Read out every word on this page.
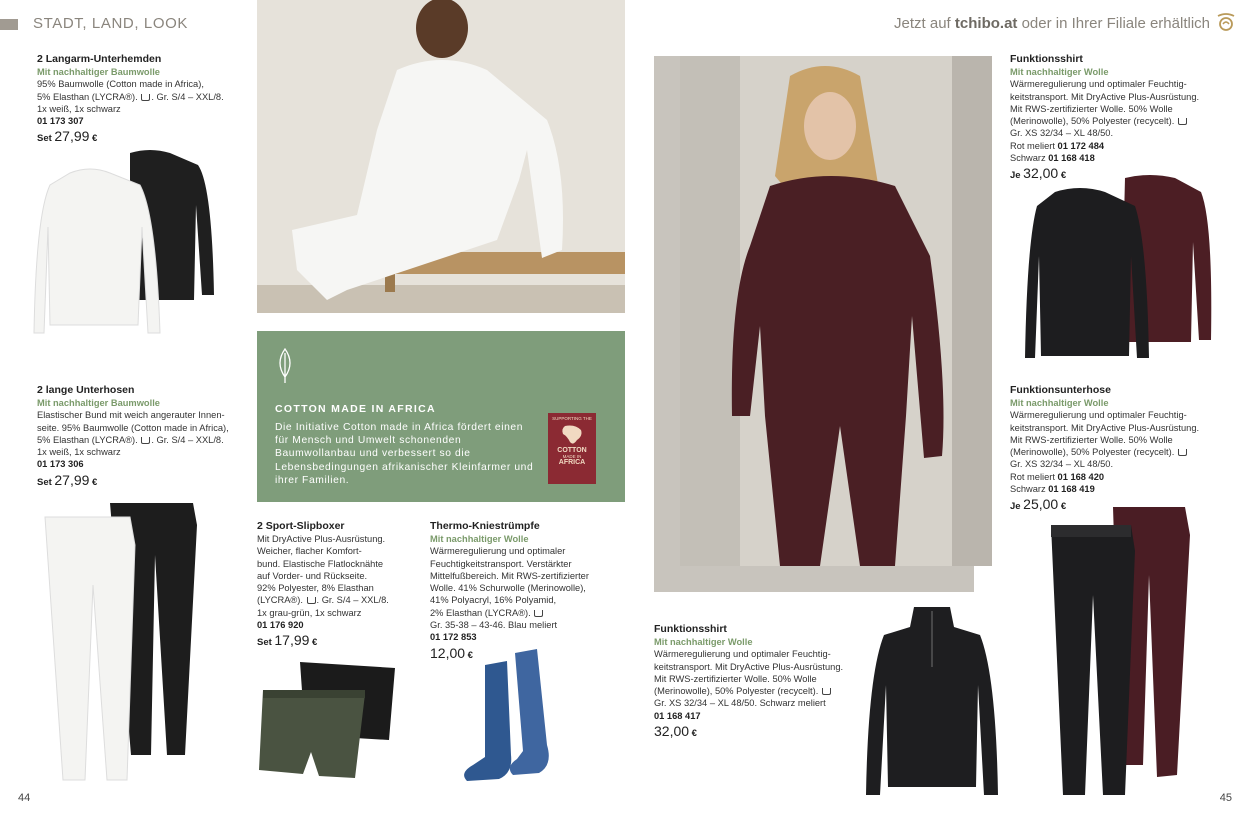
STADT, LAND, LOOK	Jetzt auf tchibo.at oder in Ihrer Filiale erhältlich
2 Langarm-Unterhemden
Mit nachhaltiger Baumwolle
95% Baumwolle (Cotton made in Africa),
5% Elasthan (LYCRA®). . Gr. S/4 – XXL/8.
1x weiß, 1x schwarz
01 173 307
Set 27,99 €
2 lange Unterhosen
Mit nachhaltiger Baumwolle
Elastischer Bund mit weich angerauter Innen-
seite. 95% Baumwolle (Cotton made in Africa),
5% Elasthan (LYCRA®). . Gr. S/4 – XXL/8.
1x weiß, 1x schwarz
01 173 306
Set 27,99 €
COTTON MADE IN AFRICA
Die Initiative Cotton made in Africa fördert einen für Mensch und Umwelt schonenden Baumwollanbau und verbessert so die Lebensbedingungen afrikanischer Kleinfarmer und ihrer Familien.
SUPPORTING THE
COTTON
MADE IN
AFRICA
2 Sport-Slipboxer
Mit DryActive Plus-Ausrüstung.
Weicher, flacher Komfort-
bund. Elastische Flatlocknähte
auf Vorder- und Rückseite.
92% Polyester, 8% Elasthan
(LYCRA®). . Gr. S/4 – XXL/8.
1x grau-grün, 1x schwarz
01 176 920
Set 17,99 €
Thermo-Kniestrümpfe
Mit nachhaltiger Wolle
Wärmeregulierung und optimaler
Feuchtigkeitstransport. Verstärkter
Mittelfußbereich. Mit RWS-zertifizierter
Wolle. 41% Schurwolle (Merinowolle),
41% Polyacryl, 16% Polyamid,
2% Elasthan (LYCRA®).
Gr. 35-38 – 43-46. Blau meliert
01 172 853
12,00 €
Funktionsshirt
Mit nachhaltiger Wolle
Wärmeregulierung und optimaler Feuchtig-
keitstransport. Mit DryActive Plus-Ausrüstung.
Mit RWS-zertifizierter Wolle. 50% Wolle
(Merinowolle), 50% Polyester (recycelt).
Gr. XS 32/34 – XL 48/50.
Rot meliert 01 172 484
Schwarz 01 168 418
Je 32,00 €
Funktionsunterhose
Mit nachhaltiger Wolle
Wärmeregulierung und optimaler Feuchtig-
keitstransport. Mit DryActive Plus-Ausrüstung.
Mit RWS-zertifizierter Wolle. 50% Wolle
(Merinowolle), 50% Polyester (recycelt).
Gr. XS 32/34 – XL 48/50.
Rot meliert 01 168 420
Schwarz 01 168 419
Je 25,00 €
Funktionsshirt
Mit nachhaltiger Wolle
Wärmeregulierung und optimaler Feuchtig-
keitstransport. Mit DryActive Plus-Ausrüstung.
Mit RWS-zertifizierter Wolle. 50% Wolle
(Merinowolle), 50% Polyester (recycelt).
Gr. XS 32/34 – XL 48/50. Schwarz meliert
01 168 417
32,00 €
44	45
